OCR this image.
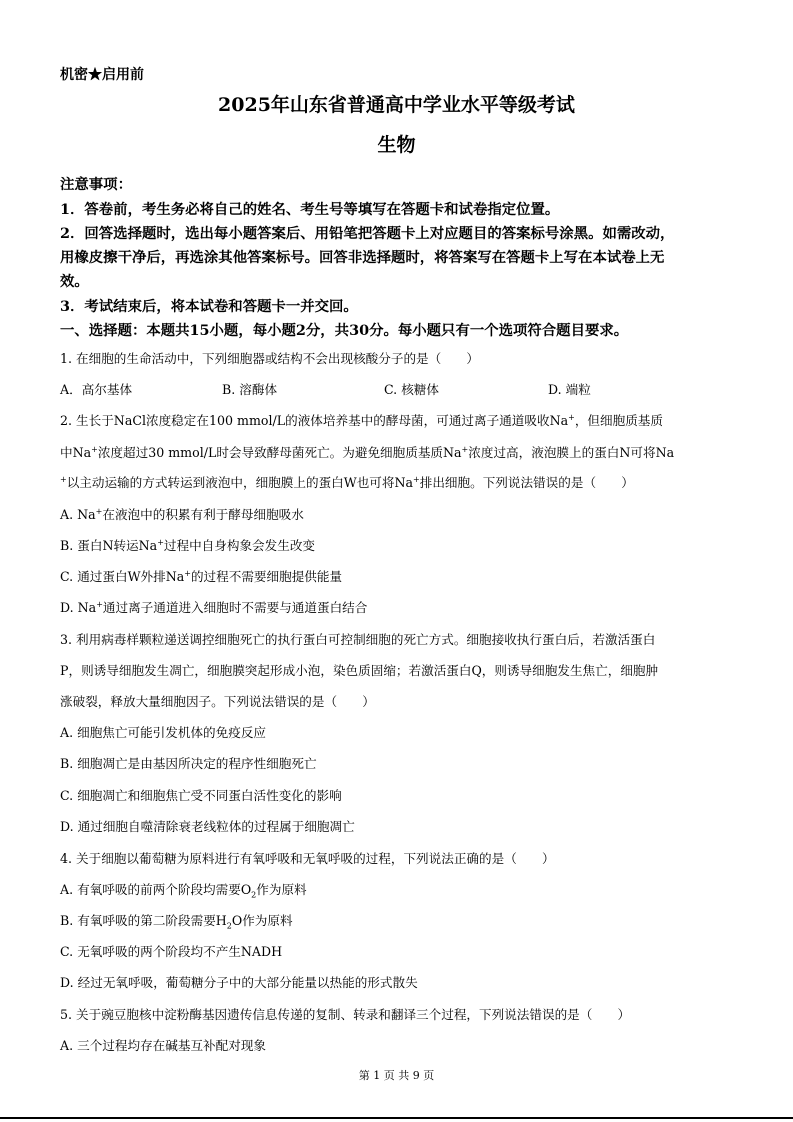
机密★启用前
2025年山东省普通高中学业水平等级考试
生物
注意事项：
1．答卷前，考生务必将自己的姓名、考生号等填写在答题卡和试卷指定位置。
2．回答选择题时，选出每小题答案后、用铅笔把答题卡上对应题目的答案标号涂黑。如需改动，
用橡皮擦干净后，再选涂其他答案标号。回答非选择题时，将答案写在答题卡上写在本试卷上无
效。
3．考试结束后，将本试卷和答题卡一并交回。
一、选择题：本题共15小题，每小题2分，共30分。每小题只有一个选项符合题目要求。
1. 在细胞的生命活动中，下列细胞器或结构不会出现核酸分子的是（　　）
A．高尔基体	B. 溶酶体	C. 核糖体	D. 端粒
2. 生长于NaCl浓度稳定在100 mmol/L的液体培养基中的酵母菌，可通过离子通道吸收Na+，但细胞质基质
中Na+浓度超过30 mmol/L时会导致酵母菌死亡。为避免细胞质基质Na+浓度过高，液泡膜上的蛋白N可将Na
+以主动运输的方式转运到液泡中，细胞膜上的蛋白W也可将Na+排出细胞。下列说法错误的是（　　）
A. Na+在液泡中的积累有利于酵母细胞吸水
B. 蛋白N转运Na+过程中自身构象会发生改变
C. 通过蛋白W外排Na+的过程不需要细胞提供能量
D. Na+通过离子通道进入细胞时不需要与通道蛋白结合
3. 利用病毒样颗粒递送调控细胞死亡的执行蛋白可控制细胞的死亡方式。细胞接收执行蛋白后，若激活蛋白
P，则诱导细胞发生凋亡，细胞膜突起形成小泡，染色质固缩；若激活蛋白Q，则诱导细胞发生焦亡，细胞肿
涨破裂，释放大量细胞因子。下列说法错误的是（　　）
A. 细胞焦亡可能引发机体的免疫反应
B. 细胞凋亡是由基因所决定的程序性细胞死亡
C. 细胞凋亡和细胞焦亡受不同蛋白活性变化的影响
D. 通过细胞自噬清除衰老线粒体的过程属于细胞凋亡
4. 关于细胞以葡萄糖为原料进行有氧呼吸和无氧呼吸的过程，下列说法正确的是（　　）
A. 有氧呼吸的前两个阶段均需要$O_2$作为原料
B. 有氧呼吸的第二阶段需要$H_2O$作为原料
C. 无氧呼吸的两个阶段均不产生NADH
D. 经过无氧呼吸，葡萄糖分子中的大部分能量以热能的形式散失
5. 关于豌豆胞核中淀粉酶基因遗传信息传递的复制、转录和翻译三个过程，下列说法错误的是（　　）
A. 三个过程均存在碱基互补配对现象
第 1 页 共 9 页
